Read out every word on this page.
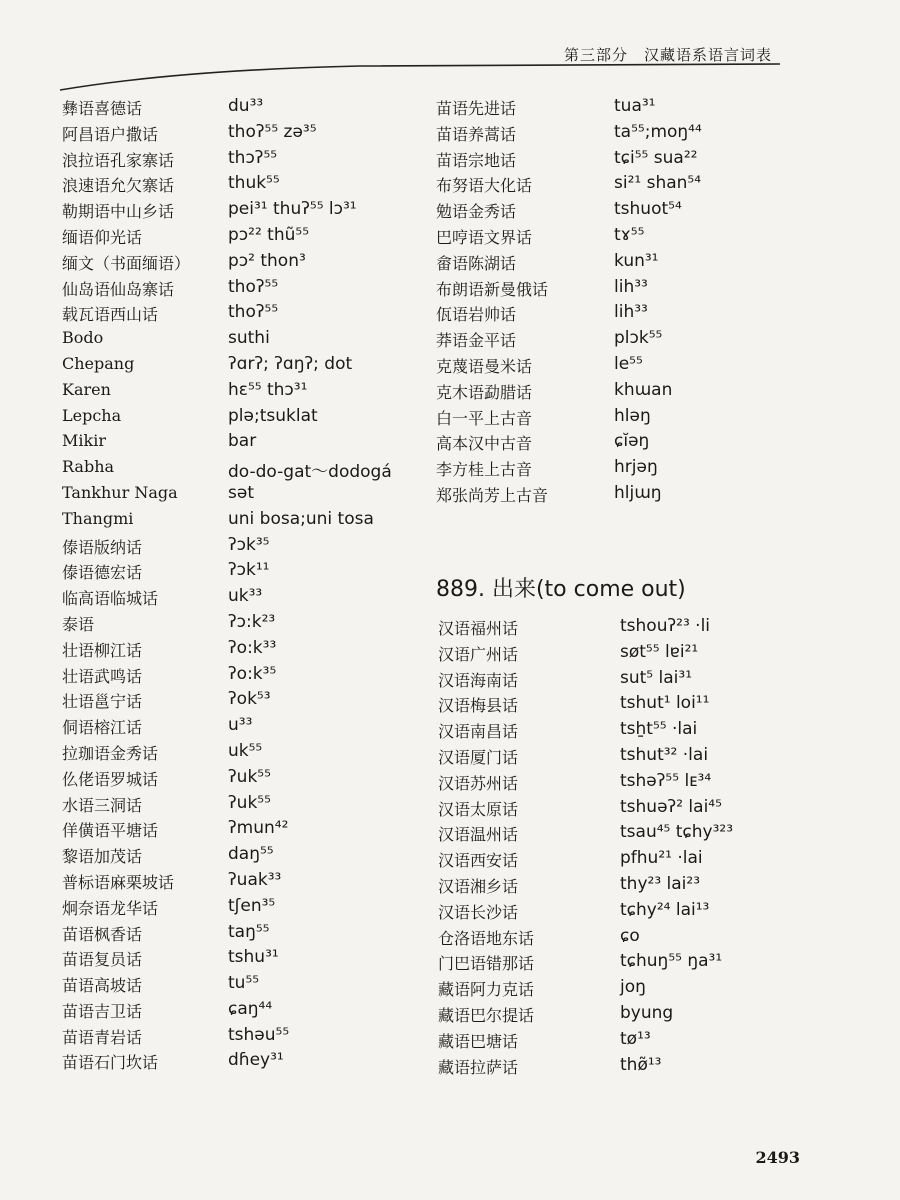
第三部分　汉藏语系语言词表
彝语喜德话	du³³
阿昌语户撒话	thoʔ⁵⁵ zə³⁵
浪拉语孔家寨话	thɔʔ⁵⁵
浪速语允欠寨话	thuk⁵⁵
勒期语中山乡话	pei³¹ thuʔ⁵⁵ lɔ³¹
缅语仰光话	pɔ²² thũ⁵⁵
缅文（书面缅语） pɔ² thon³
仙岛语仙岛寨话	thoʔ⁵⁵
载瓦语西山话	thoʔ⁵⁵
Bodo	suthi
Chepang	ʔɑrʔ; ʔɑŋʔ; dot
Karen	hɛ⁵⁵ thɔ³¹
Lepcha	plə;tsuklat
Mikir	bar
Rabha	do-do-gat～dodogá
Tankhur Naga	sət
Thangmi	uni bosa;uni tosa
傣语版纳话	ʔɔk³⁵
傣语德宏话	ʔɔk¹¹
临高语临城话	uk³³
泰语	ʔɔ:k²³
壮语柳江话	ʔo:k³³
壮语武鸣话	ʔo:k³⁵
壮语邕宁话	ʔok⁵³
侗语榕江话	u³³
拉珈语金秀话	uk⁵⁵
仫佬语罗城话	ʔuk⁵⁵
水语三洞话	ʔuk⁵⁵
佯僙语平塘话	ʔmun⁴²
黎语加茂话	daŋ⁵⁵
普标语麻栗坡话	ʔuak³³
炯奈语龙华话	tʃen³⁵
苗语枫香话	taŋ⁵⁵
苗语复员话	tshu³¹
苗语高坡话	tu⁵⁵
苗语吉卫话	ɕaŋ⁴⁴
苗语青岩话	tshəu⁵⁵
苗语石门坎话	dɦey³¹
苗语先进话	tua³¹
苗语养蒿话	ta⁵⁵;moŋ⁴⁴
苗语宗地话	tɕi⁵⁵ sua²²
布努语大化话	si²¹ shan⁵⁴
勉语金秀话	tshuot⁵⁴
巴哼语文界话	tɤ⁵⁵
畲语陈湖话	kun³¹
布朗语新曼俄话	lih³³
佤语岩帅话	lih³³
莽语金平话	plɔk⁵⁵
克蔑语曼米话	le⁵⁵
克木语勐腊话	khɯan
白一平上古音	hləŋ
高本汉中古音	ɕĭəŋ
李方桂上古音	hrjəŋ
郑张尚芳上古音	hljɯŋ
889. 出来(to come out)
汉语福州话	tshouʔ²³ ·li
汉语广州话	søt⁵⁵ lɐi²¹
汉语海南话	sut⁵ lai³¹
汉语梅县话	tshut¹ loi¹¹
汉语南昌话	tsẖt⁵⁵ ·lai
汉语厦门话	tshut³² ·lai
汉语苏州话	tshəʔ⁵⁵ lᴇ³⁴
汉语太原话	tshuəʔ² lai⁴⁵
汉语温州话	tsau⁴⁵ tɕhy³²³
汉语西安话	pfhu²¹ ·lai
汉语湘乡话	thy²³ lai²³
汉语长沙话	tɕhy²⁴ lai¹³
仓洛语地东话	ɕo
门巴语错那话	tɕhuŋ⁵⁵ ŋa³¹
藏语阿力克话	joŋ
藏语巴尔提话	byung
藏语巴塘话	tø¹³
藏语拉萨话	thø̃¹³
2493
